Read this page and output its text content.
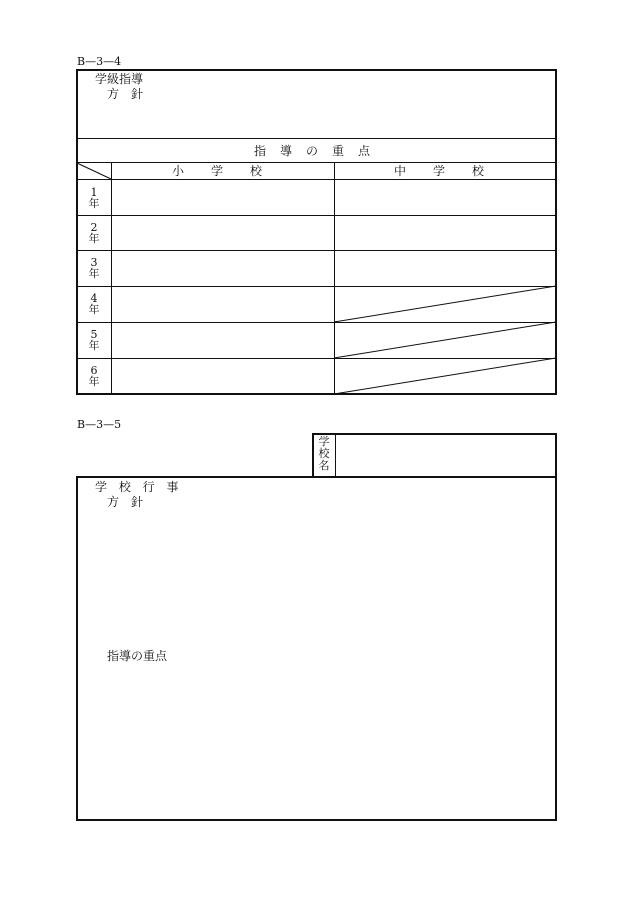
B—3—4
学級指導
方　針
指導の重点
小学校	中学校
1
年
2
年
3
年
4
年
5
年
6
年
B—3—5
学
校
名
学 校 行 事
方　針
指導の重点
